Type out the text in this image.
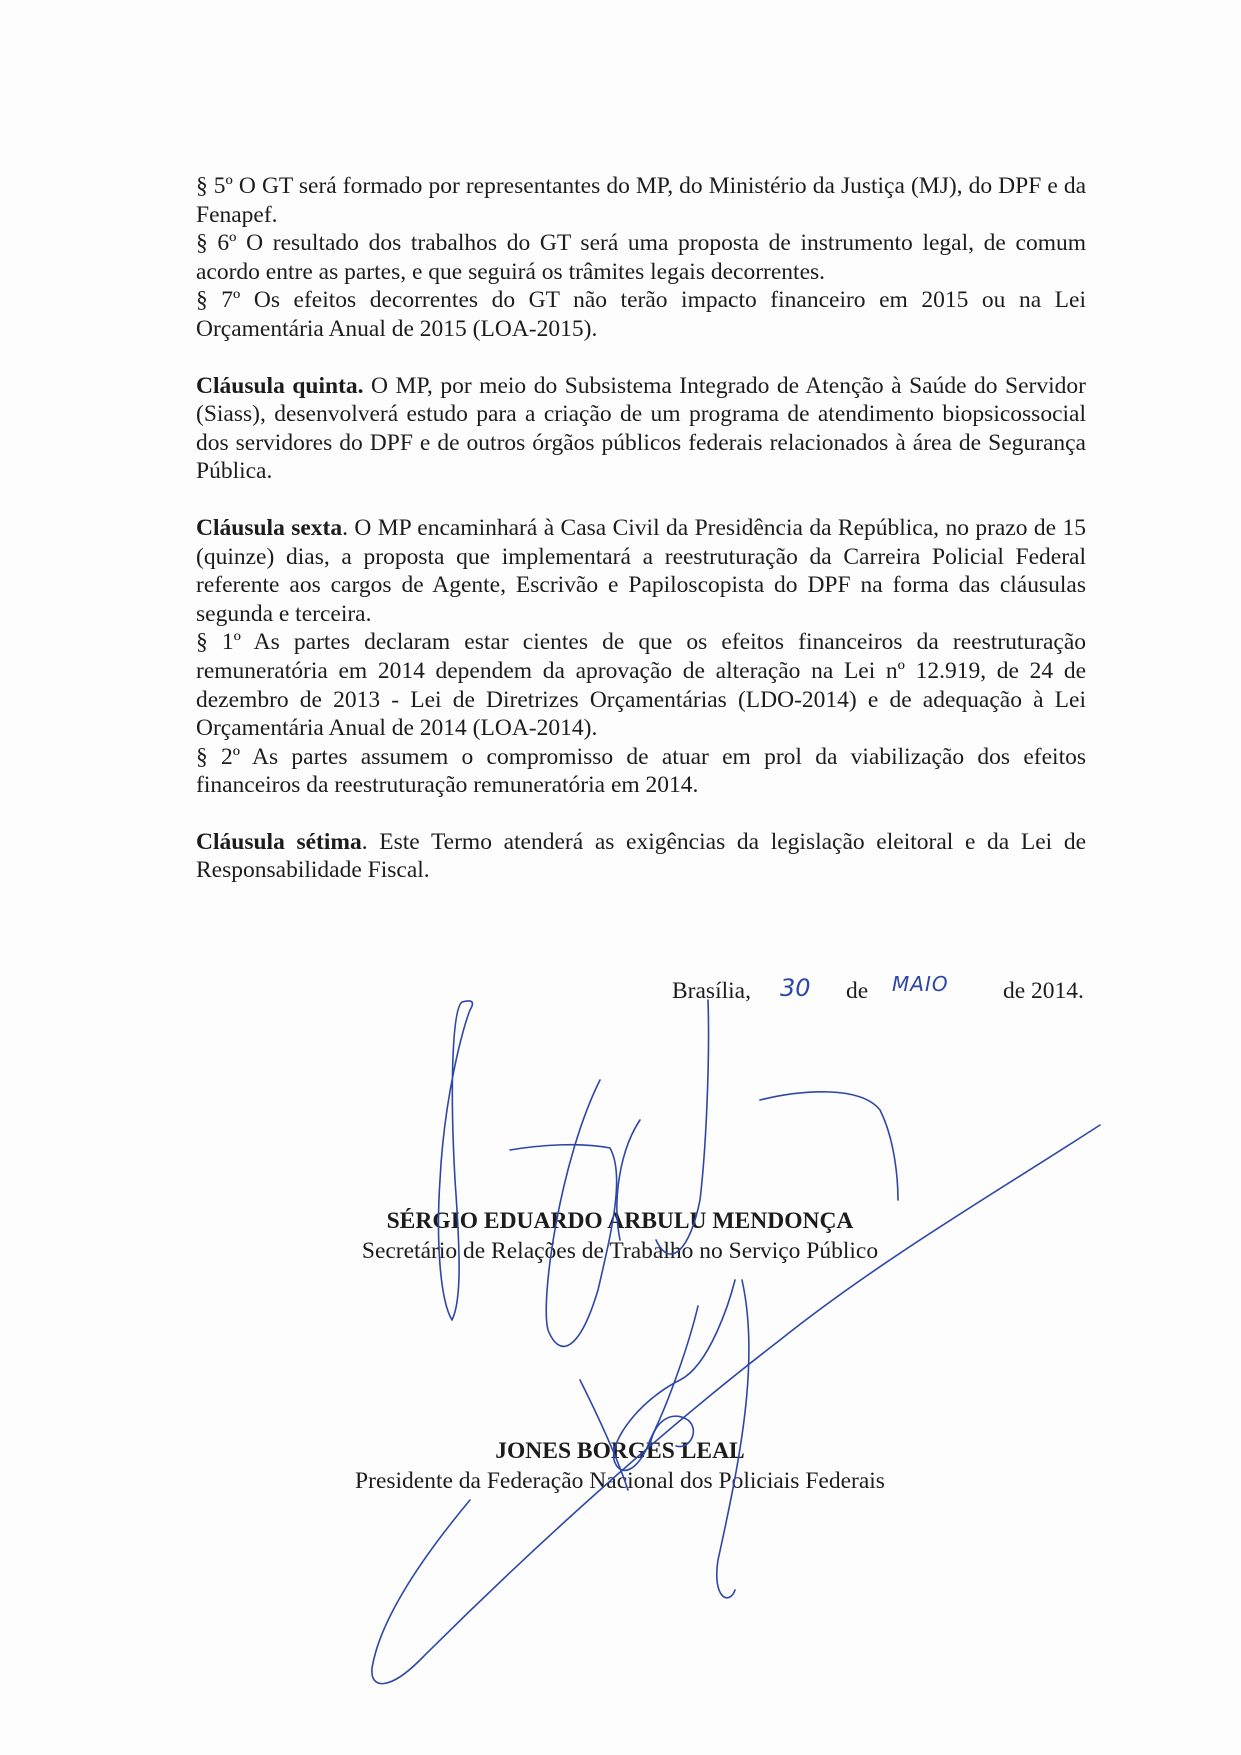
§ 5º O GT será formado por representantes do MP, do Ministério da Justiça (MJ), do DPF e da Fenapef.

§ 6º O resultado dos trabalhos do GT será uma proposta de instrumento legal, de comum acordo entre as partes, e que seguirá os trâmites legais decorrentes.

§ 7º Os efeitos decorrentes do GT não terão impacto financeiro em 2015 ou na Lei Orçamentária Anual de 2015 (LOA-2015).

Cláusula quinta. O MP, por meio do Subsistema Integrado de Atenção à Saúde do Servidor (Siass), desenvolverá estudo para a criação de um programa de atendimento biopsicossocial dos servidores do DPF e de outros órgãos públicos federais relacionados à área de Segurança Pública.

Cláusula sexta. O MP encaminhará à Casa Civil da Presidência da República, no prazo de 15 (quinze) dias, a proposta que implementará a reestruturação da Carreira Policial Federal referente aos cargos de Agente, Escrivão e Papiloscopista do DPF na forma das cláusulas segunda e terceira.

§ 1º As partes declaram estar cientes de que os efeitos financeiros da reestruturação remuneratória em 2014 dependem da aprovação de alteração na Lei nº 12.919, de 24 de dezembro de 2013 - Lei de Diretrizes Orçamentárias (LDO-2014) e de adequação à Lei Orçamentária Anual de 2014 (LOA-2014).

§ 2º As partes assumem o compromisso de atuar em prol da viabilização dos efeitos financeiros da reestruturação remuneratória em 2014.

Cláusula sétima. Este Termo atenderá as exigências da legislação eleitoral e da Lei de Responsabilidade Fiscal.

Brasília, 30 de MAIO de 2014.
SÉRGIO EDUARDO ARBULU MENDONÇA
Secretário de Relações de Trabalho no Serviço Público
JONES BORGES LEAL
Presidente da Federação Nacional dos Policiais Federais
